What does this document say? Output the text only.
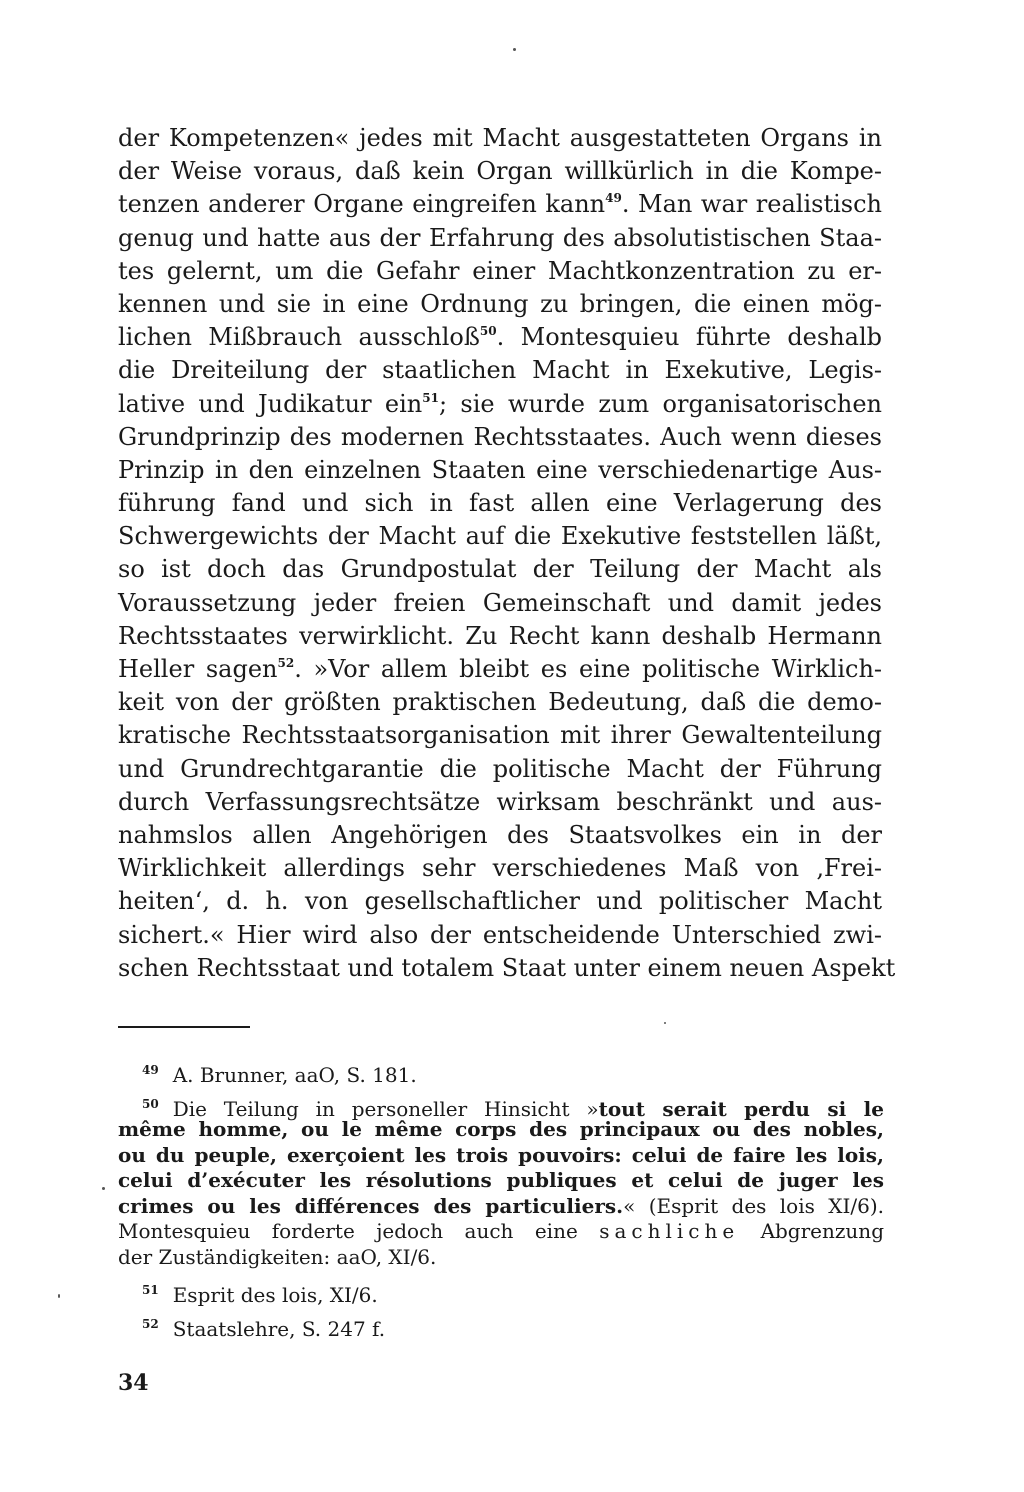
der Kompetenzen« jedes mit Macht ausgestatteten Organs in
der Weise voraus, daß kein Organ willkürlich in die Kompe-
tenzen anderer Organe eingreifen kann$^{49}$. Man war realistisch
genug und hatte aus der Erfahrung des absolutistischen Staa-
tes gelernt, um die Gefahr einer Machtkonzentration zu er-
kennen und sie in eine Ordnung zu bringen, die einen mög-
lichen Mißbrauch ausschloß$^{50}$. Montesquieu führte deshalb
die Dreiteilung der staatlichen Macht in Exekutive, Legis-
lative und Judikatur ein$^{51}$; sie wurde zum organisatorischen
Grundprinzip des modernen Rechtsstaates. Auch wenn dieses
Prinzip in den einzelnen Staaten eine verschiedenartige Aus-
führung fand und sich in fast allen eine Verlagerung des
Schwergewichts der Macht auf die Exekutive feststellen läßt,
so ist doch das Grundpostulat der Teilung der Macht als
Voraussetzung jeder freien Gemeinschaft und damit jedes
Rechtsstaates verwirklicht. Zu Recht kann deshalb Hermann
Heller sagen$^{52}$. »Vor allem bleibt es eine politische Wirklich-
keit von der größten praktischen Bedeutung, daß die demo-
kratische Rechtsstaatsorganisation mit ihrer Gewaltenteilung
und Grundrechtgarantie die politische Macht der Führung
durch Verfassungsrechtsätze wirksam beschränkt und aus-
nahmslos allen Angehörigen des Staatsvolkes ein in der
Wirklichkeit allerdings sehr verschiedenes Maß von ‚Frei-
heiten‘, d. h. von gesellschaftlicher und politischer Macht
sichert.« Hier wird also der entscheidende Unterschied zwi-
schen Rechtsstaat und totalem Staat unter einem neuen Aspekt
$^{49}$ A. Brunner, aaO, S. 181.
$^{50}$ Die Teilung in personeller Hinsicht »tout serait perdu si le
même homme, ou le même corps des principaux ou des nobles,
ou du peuple, exerçoient les trois pouvoirs: celui de faire les lois,
celui d’exécuter les résolutions publiques et celui de juger les
crimes ou les différences des particuliers.« (Esprit des lois XI/6).
Montesquieu forderte jedoch auch eine sachliche Abgrenzung
der Zuständigkeiten: aaO, XI/6.
$^{51}$ Esprit des lois, XI/6.
$^{52}$ Staatslehre, S. 247 f.
34
